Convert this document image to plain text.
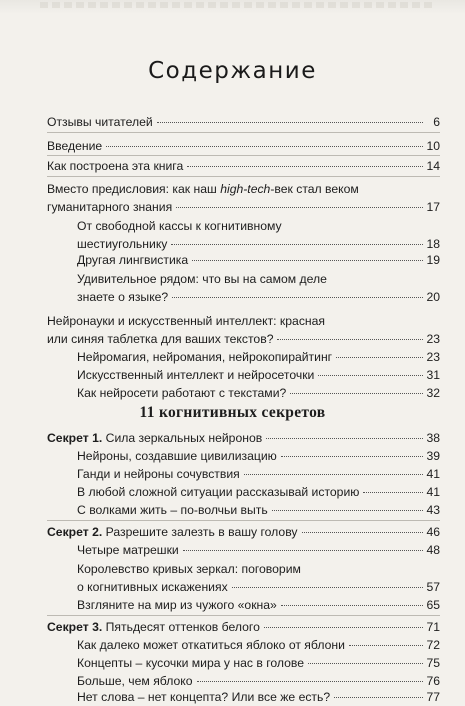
Содержание
Отзывы читателей	6
Введение	10
Как построена эта книга	14
Вместо предисловия: как наш high-tech-век стал веком
гуманитарного знания	17
От свободной кассы к когнитивному
шестиугольнику	18
Другая лингвистика	19
Удивительное рядом: что вы на самом деле
знаете о языке?	20
Нейронауки и искусственный интеллект: красная
или синяя таблетка для ваших текстов?	23
Нейромагия, нейромания, нейрокопирайтинг	23
Искусственный интеллект и нейросеточки	31
Как нейросети работают с текстами?	32
11 когнитивных секретов
Секрет 1. Сила зеркальных нейронов	38
Нейроны, создавшие цивилизацию	39
Ганди и нейроны сочувствия	41
В любой сложной ситуации рассказывай историю	41
С волками жить – по-волчьи выть	43
Секрет 2. Разрешите залезть в вашу голову	46
Четыре матрешки	48
Королевство кривых зеркал: поговорим
о когнитивных искажениях	57
Взгляните на мир из чужого «окна»	65
Секрет 3. Пятьдесят оттенков белого	71
Как далеко может откатиться яблоко от яблони	72
Концепты – кусочки мира у нас в голове	75
Больше, чем яблоко	76
Нет слова – нет концепта? Или все же есть?	77
